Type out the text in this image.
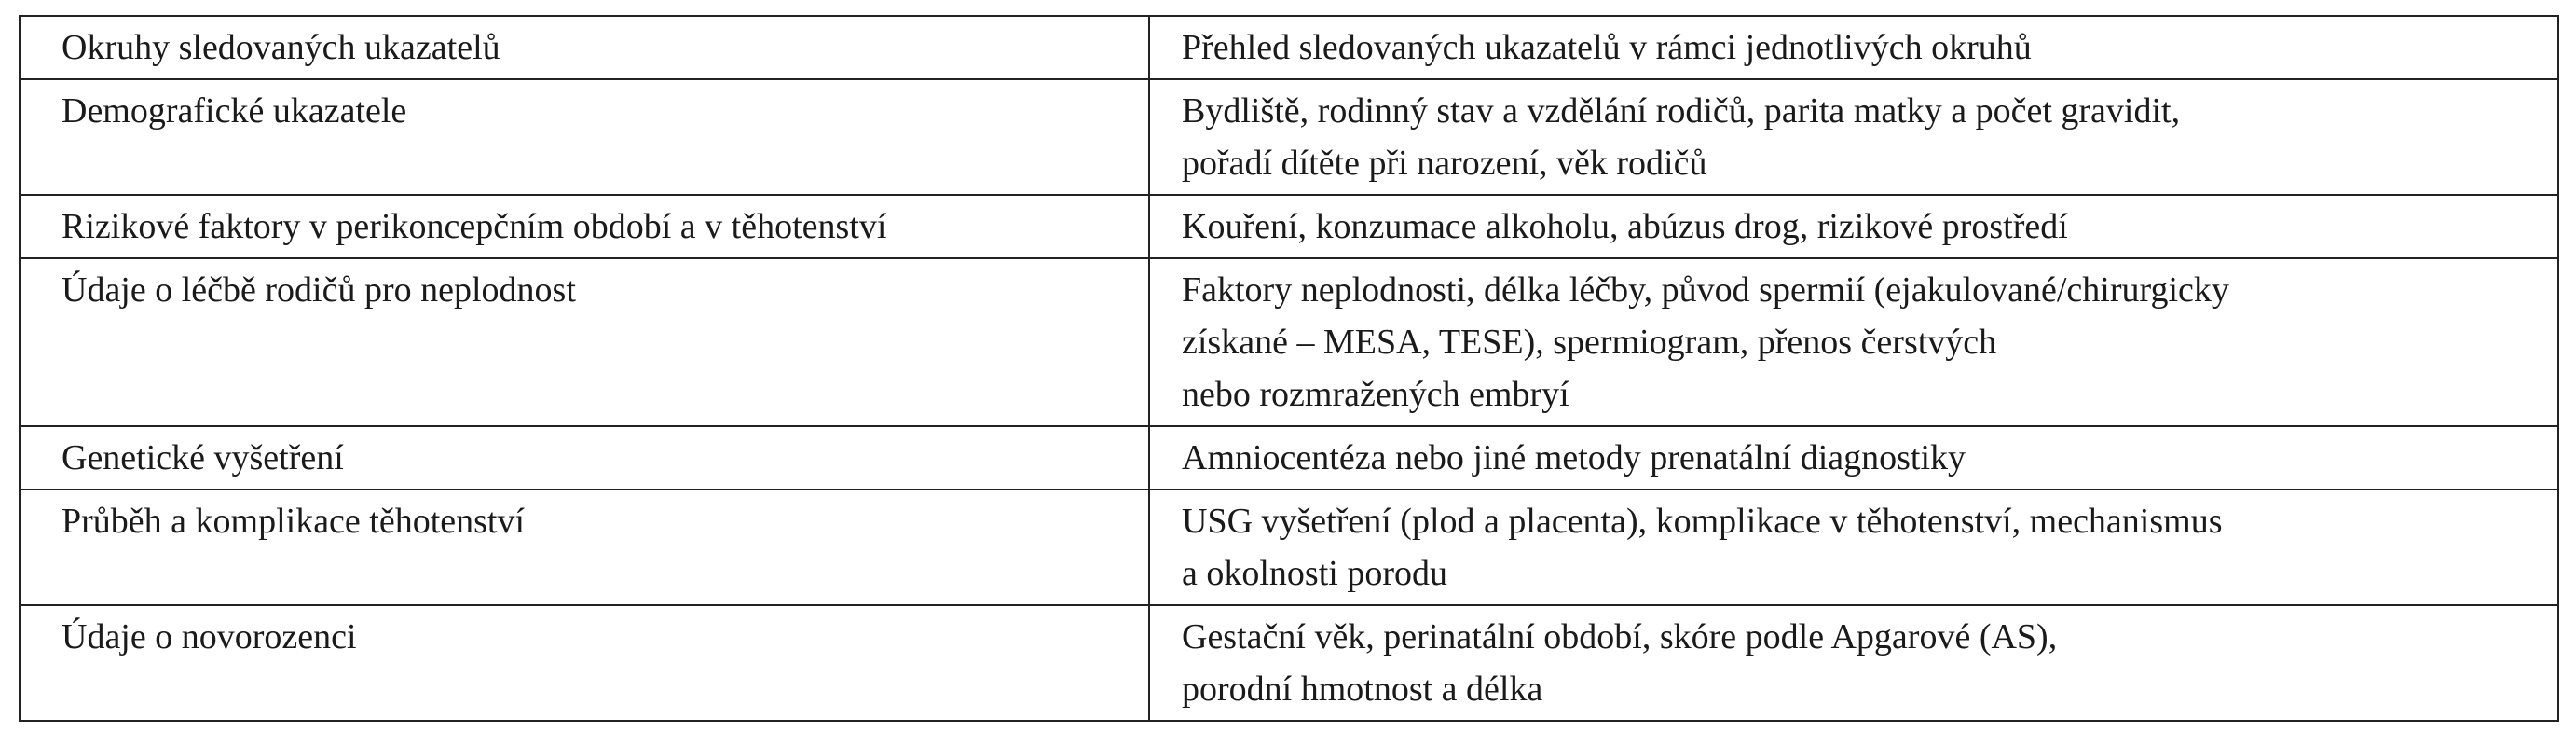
Okruhy sledovaných ukazatelů	Přehled sledovaných ukazatelů v rámci jednotlivých okruhů

Demografické ukazatele	Bydliště, rodinný stav a vzdělání rodičů, parita matky a počet gravidit,
pořadí dítěte při narození, věk rodičů

Rizikové faktory v perikoncepčním období a v těhotenství	Kouření, konzumace alkoholu, abúzus drog, rizikové prostředí

Údaje o léčbě rodičů pro neplodnost	Faktory neplodnosti, délka léčby, původ spermií (ejakulované/chirurgicky
získané – MESA, TESE), spermiogram, přenos čerstvých
nebo rozmražených embryí

Genetické vyšetření	Amniocentéza nebo jiné metody prenatální diagnostiky

Průběh a komplikace těhotenství	USG vyšetření (plod a placenta), komplikace v těhotenství, mechanismus
a okolnosti porodu

Údaje o novorozenci	Gestační věk, perinatální období, skóre podle Apgarové (AS),
porodní hmotnost a délka
